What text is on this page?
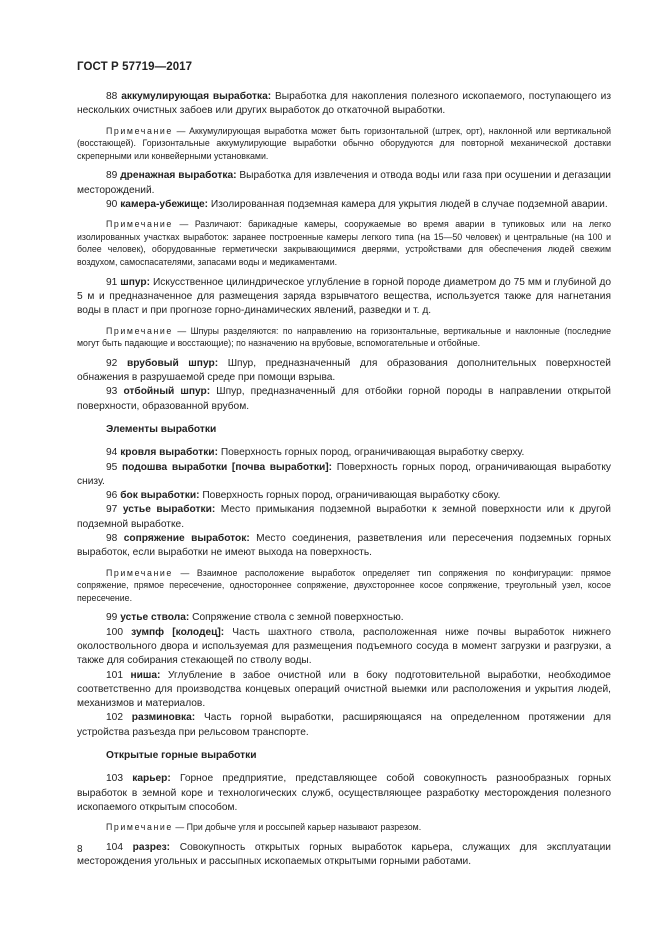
ГОСТ Р 57719—2017

88 аккумулирующая выработка: Выработка для накопления полезного ископаемого, поступающего из нескольких очистных забоев или других выработок до откаточной выработки.

Примечание — Аккумулирующая выработка может быть горизонтальной (штрек, орт), наклонной или вертикальной (восстающей). Горизонтальные аккумулирующие выработки обычно оборудуются для повторной механической доставки скреперными или конвейерными установками.

89 дренажная выработка: Выработка для извлечения и отвода воды или газа при осушении и дегазации месторождений.

90 камера-убежище: Изолированная подземная камера для укрытия людей в случае подземной аварии.

Примечание — Различают: барикадные камеры, сооружаемые во время аварии в тупиковых или на легко изолированных участках выработок: заранее построенные камеры легкого типа (на 15—50 человек) и центральные (на 100 и более человек), оборудованные герметически закрывающимися дверями, устройствами для обеспечения людей свежим воздухом, самоспасателями, запасами воды и медикаментами.

91 шпур: Искусственное цилиндрическое углубление в горной породе диаметром до 75 мм и глубиной до 5 м и предназначенное для размещения заряда взрывчатого вещества, используется также для нагнетания воды в пласт и при прогнозе горно-динамических явлений, разведки и т. д.

Примечание — Шпуры разделяются: по направлению на горизонтальные, вертикальные и наклонные (последние могут быть падающие и восстающие); по назначению на врубовые, вспомогательные и отбойные.

92 врубовый шпур: Шпур, предназначенный для образования дополнительных поверхностей обнажения в разрушаемой среде при помощи взрыва.

93 отбойный шпур: Шпур, предназначенный для отбойки горной породы в направлении открытой поверхности, образованной врубом.

Элементы выработки

94 кровля выработки: Поверхность горных пород, ограничивающая выработку сверху.

95 подошва выработки [почва выработки]: Поверхность горных пород, ограничивающая выработку снизу.

96 бок выработки: Поверхность горных пород, ограничивающая выработку сбоку.

97 устье выработки: Место примыкания подземной выработки к земной поверхности или к другой подземной выработке.

98 сопряжение выработок: Место соединения, разветвления или пересечения подземных горных выработок, если выработки не имеют выхода на поверхность.

Примечание — Взаимное расположение выработок определяет тип сопряжения по конфигурации: прямое сопряжение, прямое пересечение, одностороннее сопряжение, двухстороннее косое сопряжение, треугольный узел, косое пересечение.

99 устье ствола: Сопряжение ствола с земной поверхностью.

100 зумпф [колодец]: Часть шахтного ствола, расположенная ниже почвы выработок нижнего околоствольного двора и используемая для размещения подъемного сосуда в момент загрузки и разгрузки, а также для собирания стекающей по стволу воды.

101 ниша: Углубление в забое очистной или в боку подготовительной выработки, необходимое соответственно для производства концевых операций очистной выемки или расположения и укрытия людей, механизмов и материалов.

102 разминовка: Часть горной выработки, расширяющаяся на определенном протяжении для устройства разъезда при рельсовом транспорте.

Открытые горные выработки

103 карьер: Горное предприятие, представляющее собой совокупность разнообразных горных выработок в земной коре и технологических служб, осуществляющее разработку месторождения полезного ископаемого открытым способом.

Примечание — При добыче угля и россыпей карьер называют разрезом.

104 разрез: Совокупность открытых горных выработок карьера, служащих для эксплуатации месторождения угольных и рассыпных ископаемых открытыми горными работами.

8
